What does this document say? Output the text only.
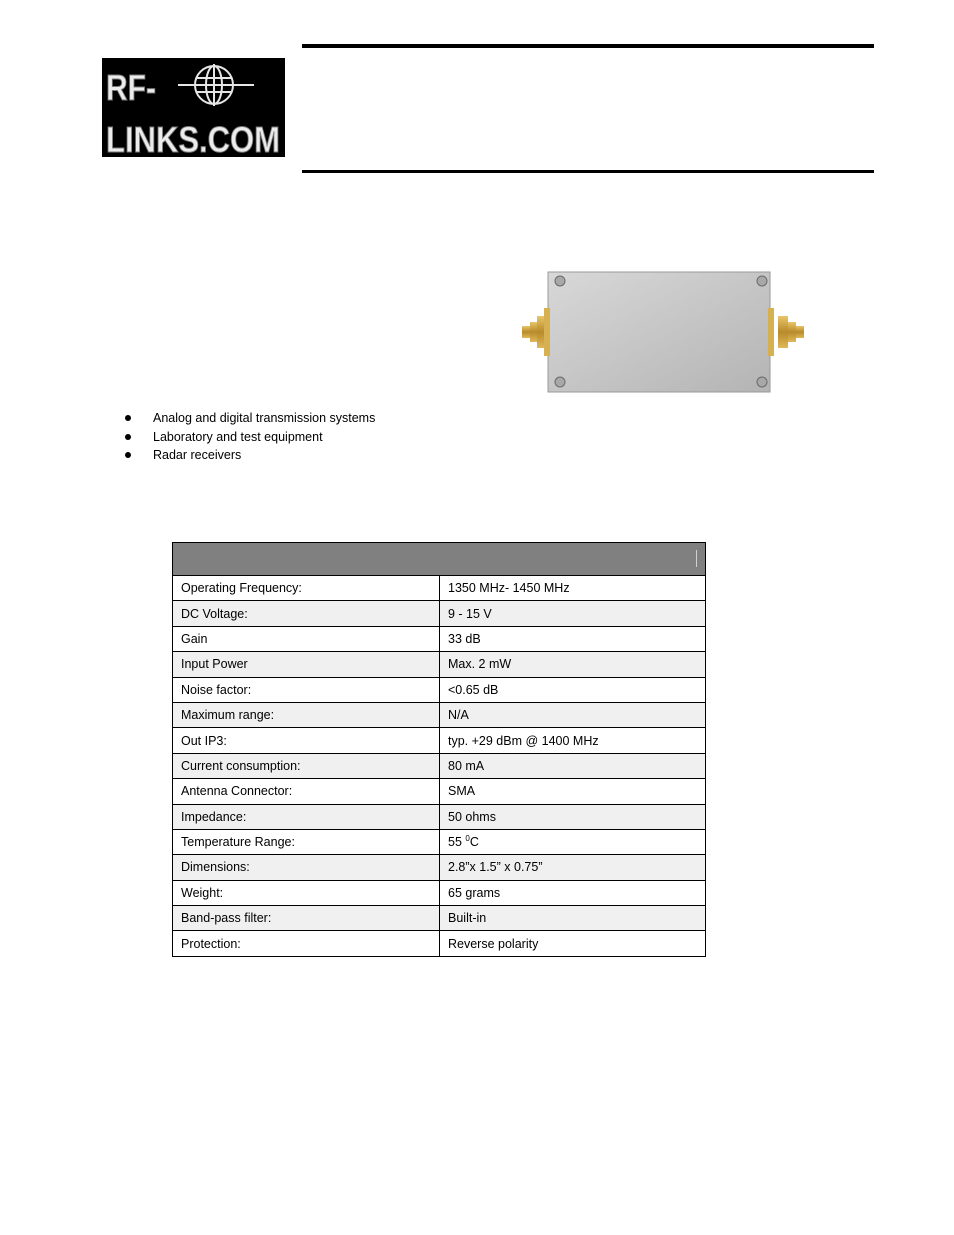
RF-
LINKS.COM
Analog and digital transmission systems
Laboratory and test equipment
Radar receivers

Operating Frequency:	1350 MHz- 1450 MHz
DC Voltage:	9 - 15 V
Gain	33 dB
Input Power	Max. 2 mW
Noise factor:	<0.65 dB
Maximum range:	N/A
Out IP3:	typ. +29 dBm @ 1400 MHz
Current consumption:	80 mA
Antenna Connector:	SMA
Impedance:	50 ohms
Temperature Range:	55 $^0$C
Dimensions:	2.8”x 1.5” x 0.75”
Weight:	65 grams
Band-pass filter:	Built-in
Protection:	Reverse polarity
